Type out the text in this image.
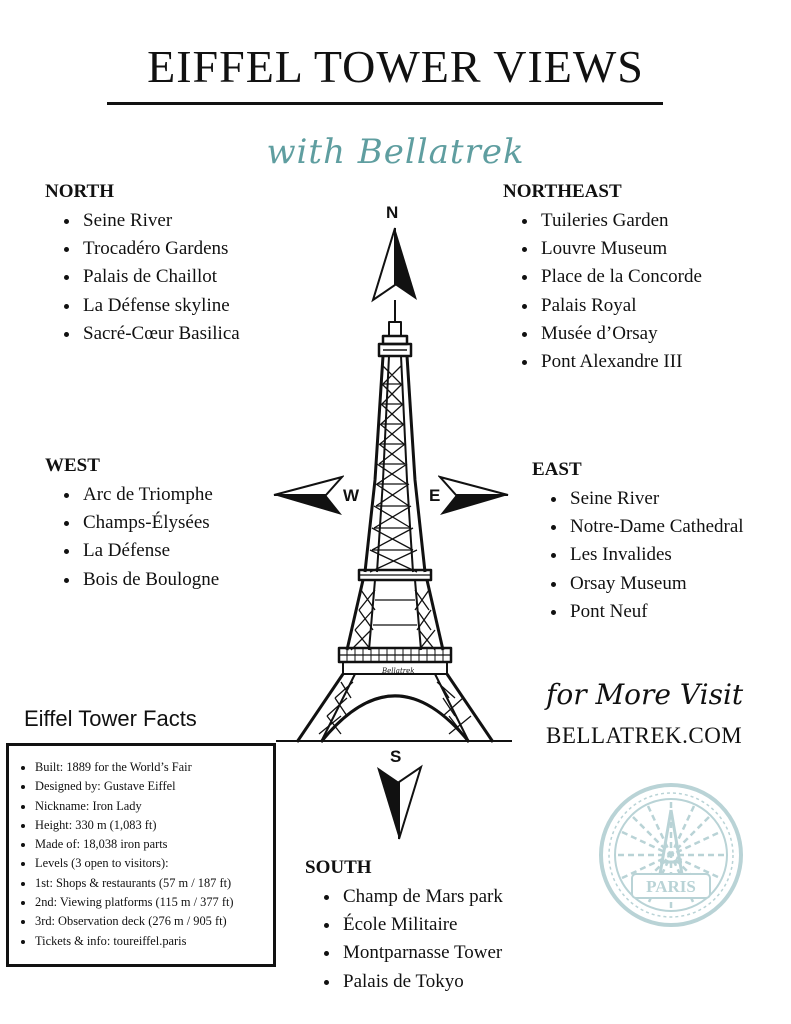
EIFFEL TOWER VIEWS
with Bellatrek
NORTH
• Seine River
• Trocadéro Gardens
• Palais de Chaillot
• La Défense skyline
• Sacré-Cœur Basilica
NORTHEAST
• Tuileries Garden
• Louvre Museum
• Place de la Concorde
• Palais Royal
• Musée d’Orsay
• Pont Alexandre III
WEST
• Arc de Triomphe
• Champs-Élysées
• La Défense
• Bois de Boulogne
EAST
• Seine River
• Notre-Dame Cathedral
• Les Invalides
• Orsay Museum
• Pont Neuf
SOUTH
• Champ de Mars park
• École Militaire
• Montparnasse Tower
• Palais de Tokyo
N
W	E
S
Bellatrek
Eiffel Tower Facts
• Built: 1889 for the World’s Fair
• Designed by: Gustave Eiffel
• Nickname: Iron Lady
• Height: 330 m (1,083 ft)
• Made of: 18,038 iron parts
• Levels (3 open to visitors):
• 1st: Shops & restaurants (57 m / 187 ft)
• 2nd: Viewing platforms (115 m / 377 ft)
• 3rd: Observation deck (276 m / 905 ft)
• Tickets & info: toureiffel.paris
for More Visit
BELLATREK.COM
PARIS
